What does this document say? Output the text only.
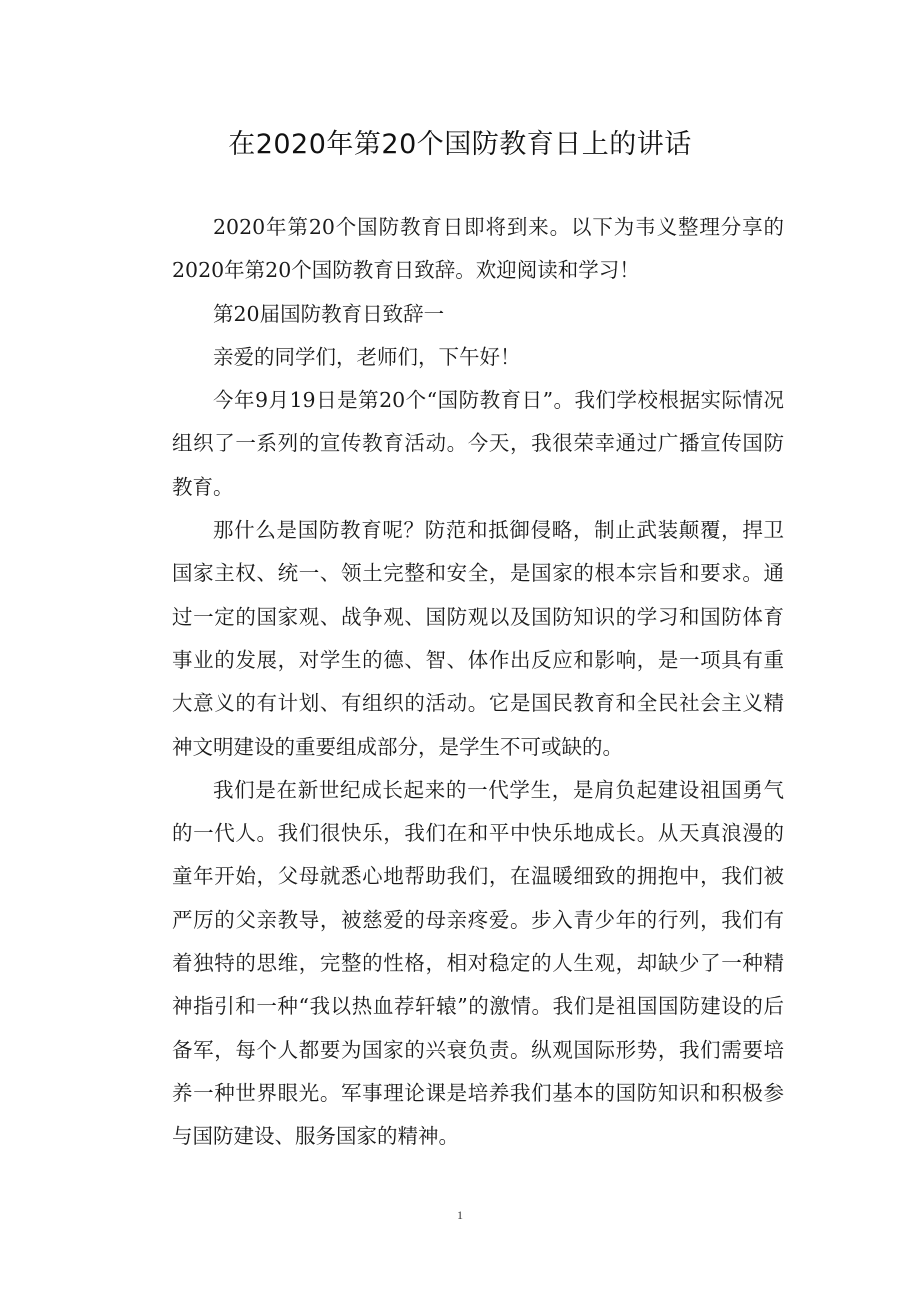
在2020年第20个国防教育日上的讲话

2020年第20个国防教育日即将到来。以下为韦义整理分享的2020年第20个国防教育日致辞。欢迎阅读和学习！

第20届国防教育日致辞一

亲爱的同学们，老师们，下午好！

今年9月19日是第20个“国防教育日”。我们学校根据实际情况组织了一系列的宣传教育活动。今天，我很荣幸通过广播宣传国防教育。

那什么是国防教育呢？防范和抵御侵略，制止武装颠覆，捍卫国家主权、统一、领土完整和安全，是国家的根本宗旨和要求。通过一定的国家观、战争观、国防观以及国防知识的学习和国防体育事业的发展，对学生的德、智、体作出反应和影响，是一项具有重大意义的有计划、有组织的活动。它是国民教育和全民社会主义精神文明建设的重要组成部分，是学生不可或缺的。

我们是在新世纪成长起来的一代学生，是肩负起建设祖国勇气的一代人。我们很快乐，我们在和平中快乐地成长。从天真浪漫的童年开始，父母就悉心地帮助我们，在温暖细致的拥抱中，我们被严厉的父亲教导，被慈爱的母亲疼爱。步入青少年的行列，我们有着独特的思维，完整的性格，相对稳定的人生观，却缺少了一种精神指引和一种“我以热血荐轩辕”的激情。我们是祖国国防建设的后备军，每个人都要为国家的兴衰负责。纵观国际形势，我们需要培养一种世界眼光。军事理论课是培养我们基本的国防知识和积极参与国防建设、服务国家的精神。

1
